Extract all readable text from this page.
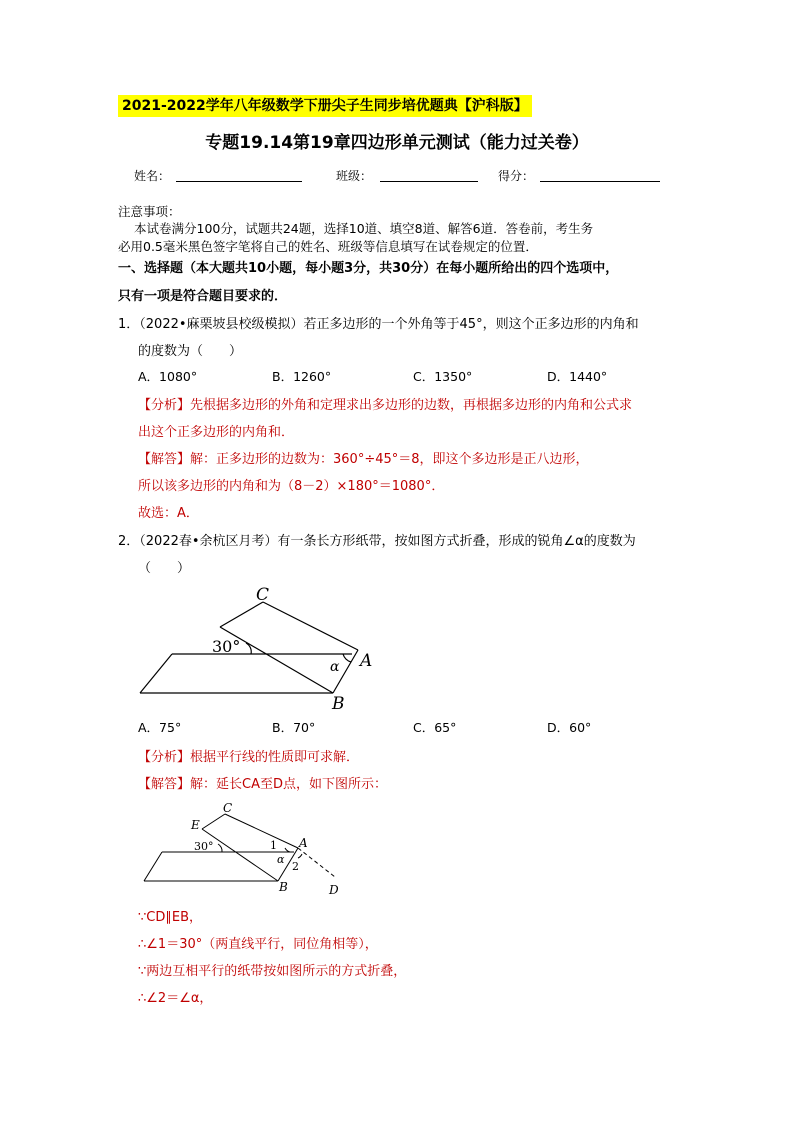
2021-2022学年八年级数学下册尖子生同步培优题典【沪科版】
专题19.14第19章四边形单元测试（能力过关卷）
姓名：	班级：	得分：
注意事项：
本试卷满分100分，试题共24题，选择10道、填空8道、解答6道．答卷前，考生务
必用0.5毫米黑色签字笔将自己的姓名、班级等信息填写在试卷规定的位置．
一、选择题（本大题共10小题，每小题3分，共30分）在每小题所给出的四个选项中，
只有一项是符合题目要求的．
1．（2022•麻栗坡县校级模拟）若正多边形的一个外角等于45°，则这个正多边形的内角和
的度数为（　　）
A．1080°	B．1260°	C．1350°	D．1440°
【分析】先根据多边形的外角和定理求出多边形的边数，再根据多边形的内角和公式求
出这个正多边形的内角和．
【解答】解：正多边形的边数为：360°÷45°＝8，即这个多边形是正八边形，
所以该多边形的内角和为（8－2）×180°＝1080°．
故选：A．
2．（2022春•余杭区月考）有一条长方形纸带，按如图方式折叠，形成的锐角∠α的度数为
（　　）
C
30°
α A
B
A．75°	B．70°	C．65°	D．60°
【分析】根据平行线的性质即可求解．
【解答】解：延长CA至D点，如下图所示：
C
E
30°	1 A
α
2
B	D
∵CD∥EB，
∴∠1＝30°（两直线平行，同位角相等），
∵两边互相平行的纸带按如图所示的方式折叠，
∴∠2＝∠α，
